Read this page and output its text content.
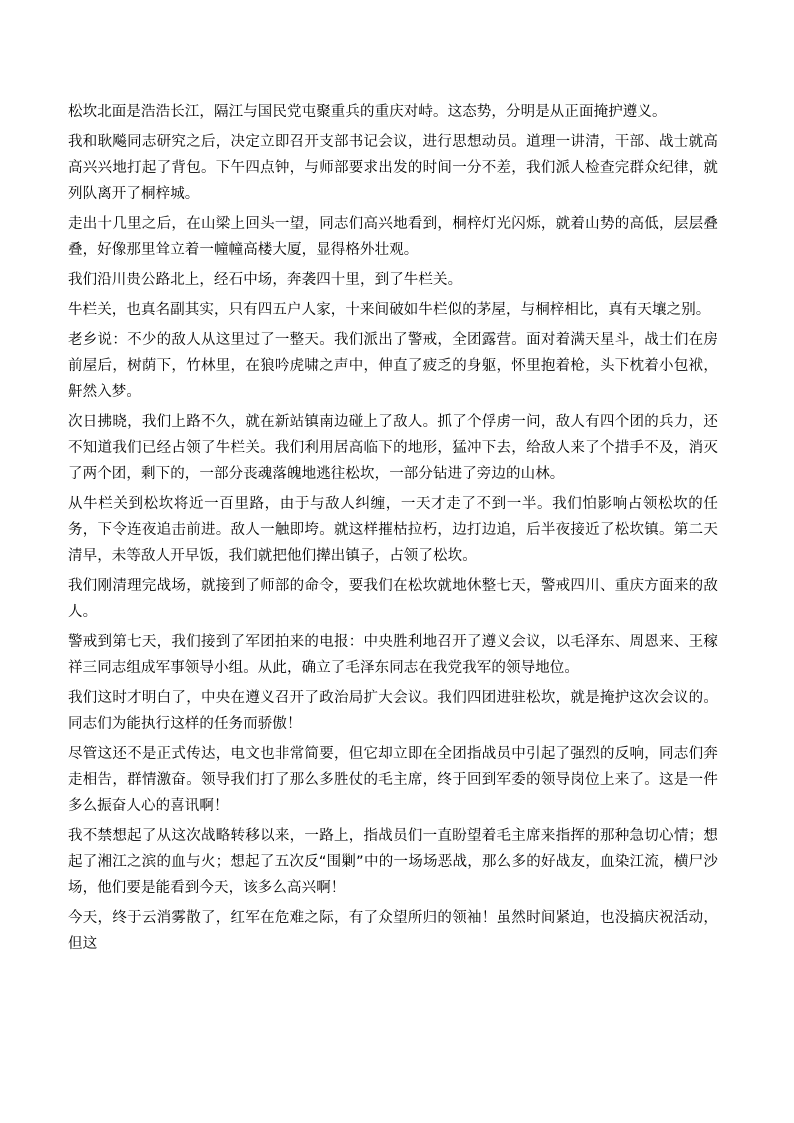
松坎北面是浩浩长江，隔江与国民党屯聚重兵的重庆对峙。这态势，分明是从正面掩护遵义。

我和耿飚同志研究之后，决定立即召开支部书记会议，进行思想动员。道理一讲清，干部、战士就高高兴兴地打起了背包。下午四点钟，与师部要求出发的时间一分不差，我们派人检查完群众纪律，就列队离开了桐梓城。

走出十几里之后，在山梁上回头一望，同志们高兴地看到，桐梓灯光闪烁，就着山势的高低，层层叠叠，好像那里耸立着一幢幢高楼大厦，显得格外壮观。

我们沿川贵公路北上，经石中场，奔袭四十里，到了牛栏关。

牛栏关，也真名副其实，只有四五户人家，十来间破如牛栏似的茅屋，与桐梓相比，真有天壤之别。

老乡说：不少的敌人从这里过了一整天。我们派出了警戒，全团露营。面对着满天星斗，战士们在房前屋后，树荫下，竹林里，在狼吟虎啸之声中，伸直了疲乏的身躯，怀里抱着枪，头下枕着小包袱，鼾然入梦。

次日拂晓，我们上路不久，就在新站镇南边碰上了敌人。抓了个俘虏一问，敌人有四个团的兵力，还不知道我们已经占领了牛栏关。我们利用居高临下的地形，猛冲下去，给敌人来了个措手不及，消灭了两个团，剩下的，一部分丧魂落魄地逃往松坎，一部分钻进了旁边的山林。

从牛栏关到松坎将近一百里路，由于与敌人纠缠，一天才走了不到一半。我们怕影响占领松坎的任务，下令连夜追击前进。敌人一触即垮。就这样摧枯拉朽，边打边追，后半夜接近了松坎镇。第二天清早，未等敌人开早饭，我们就把他们撵出镇子，占领了松坎。

我们刚清理完战场，就接到了师部的命令，要我们在松坎就地休整七天，警戒四川、重庆方面来的敌人。

警戒到第七天，我们接到了军团拍来的电报：中央胜利地召开了遵义会议，以毛泽东、周恩来、王稼祥三同志组成军事领导小组。从此，确立了毛泽东同志在我党我军的领导地位。

我们这时才明白了，中央在遵义召开了政治局扩大会议。我们四团进驻松坎，就是掩护这次会议的。同志们为能执行这样的任务而骄傲！

尽管这还不是正式传达，电文也非常简要，但它却立即在全团指战员中引起了强烈的反响，同志们奔走相告，群情激奋。领导我们打了那么多胜仗的毛主席，终于回到军委的领导岗位上来了。这是一件多么振奋人心的喜讯啊！

我不禁想起了从这次战略转移以来，一路上，指战员们一直盼望着毛主席来指挥的那种急切心情；想起了湘江之滨的血与火；想起了五次反“围剿”中的一场场恶战，那么多的好战友，血染江流，横尸沙场，他们要是能看到今天，该多么高兴啊！

今天，终于云消雾散了，红军在危难之际，有了众望所归的领袖！虽然时间紧迫，也没搞庆祝活动，但这
